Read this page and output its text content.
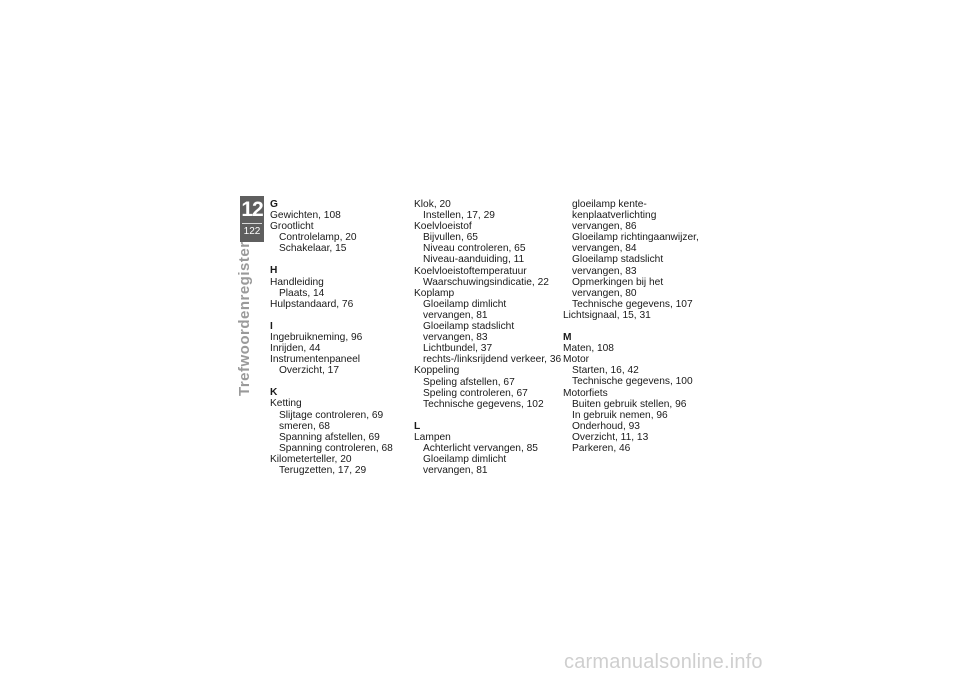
12
122
Trefwoordenregister
G
Gewichten, 108
Grootlicht
Controlelamp, 20
Schakelaar, 15
H
Handleiding
Plaats, 14
Hulpstandaard, 76
I
Ingebruikneming, 96
Inrijden, 44
Instrumentenpaneel
Overzicht, 17
K
Ketting
Slijtage controleren, 69
smeren, 68
Spanning afstellen, 69
Spanning controleren, 68
Kilometerteller, 20
Terugzetten, 17, 29
Klok, 20
Instellen, 17, 29
Koelvloeistof
Bijvullen, 65
Niveau controleren, 65
Niveau-aanduiding, 11
Koelvloeistoftemperatuur
Waarschuwingsindicatie, 22
Koplamp
Gloeilamp dimlicht
vervangen, 81
Gloeilamp stadslicht
vervangen, 83
Lichtbundel, 37
rechts-/linksrijdend verkeer, 36
Koppeling
Speling afstellen, 67
Speling controleren, 67
Technische gegevens, 102
L
Lampen
Achterlicht vervangen, 85
Gloeilamp dimlicht
vervangen, 81
gloeilamp kente-
kenplaatverlichting
vervangen, 86
Gloeilamp richtingaanwijzer,
vervangen, 84
Gloeilamp stadslicht
vervangen, 83
Opmerkingen bij het
vervangen, 80
Technische gegevens, 107
Lichtsignaal, 15, 31
M
Maten, 108
Motor
Starten, 16, 42
Technische gegevens, 100
Motorfiets
Buiten gebruik stellen, 96
In gebruik nemen, 96
Onderhoud, 93
Overzicht, 11, 13
Parkeren, 46
carmanualsonline.info
